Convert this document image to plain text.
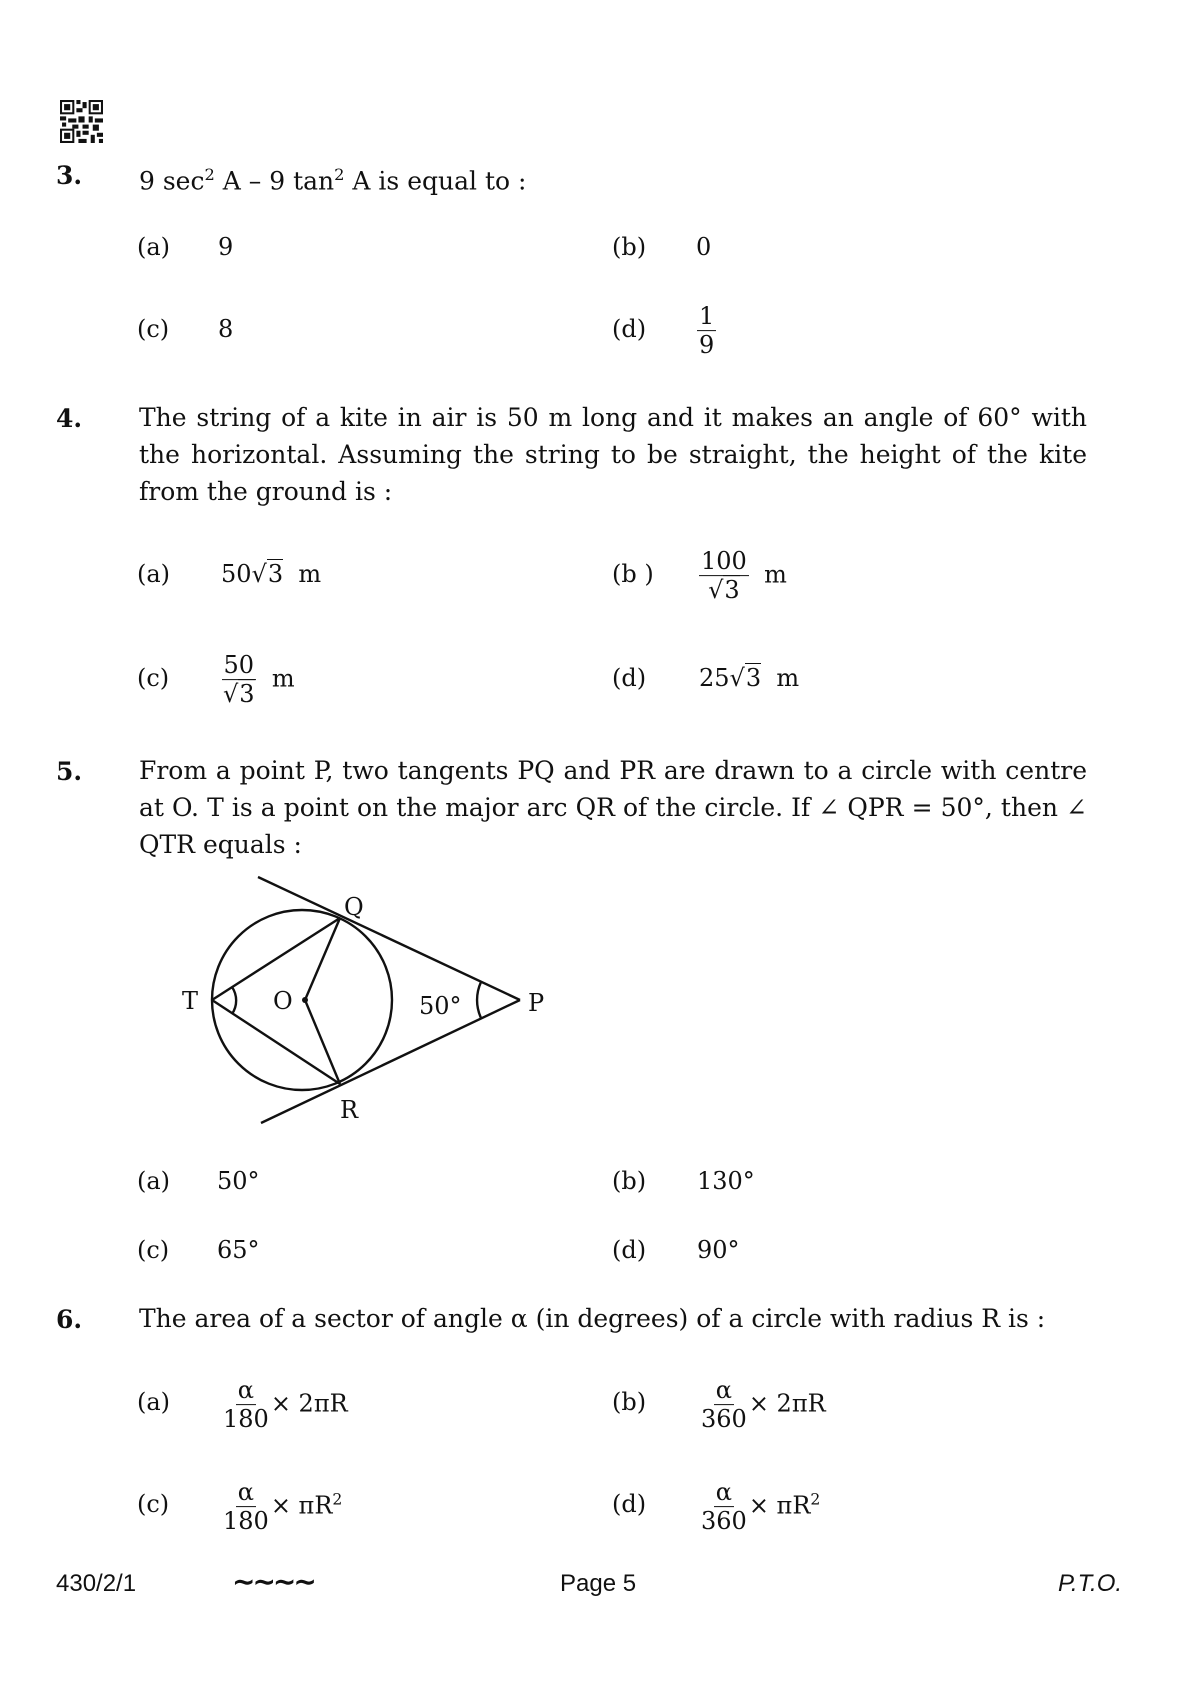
3. 9 $\sec^2 A - 9$ $\tan^2 A$ is equal to :
(a) 9	(b) 0
(c) 8	$(d) \frac{1}{9}$
4. The string of a kite in air is 50 m long and it makes an angle of 60° with the horizontal. Assuming the string to be straight, the height of the kite from the ground is :
(a) 50√3 m	(b ) $\frac{100}{√3}$ m
$(c) \frac{50}{√3}$ m	(d) 25√3 m
5. From a point P, two tangents PQ and PR are drawn to a circle with centre at O. T is a point on the major arc QR of the circle. If ∠ QPR = 50°, then ∠ QTR equals :
Q
R
T	O	P
50°
(a) 50°	(b) 130°
(c) 65°	(d) 90°
6. The area of a sector of angle α (in degrees) of a circle with radius R is :
$(a) \frac{\alpha}{180} \times 2\pi R$	$(b) \frac{\alpha}{360} \times 2\pi R$
$(c) \frac{\alpha}{180} \times \pi R^2$	$(d) \frac{\alpha}{360} \times \pi R^2$
430/2/1	∼∼∼∼	Page 5	P.T.O.
